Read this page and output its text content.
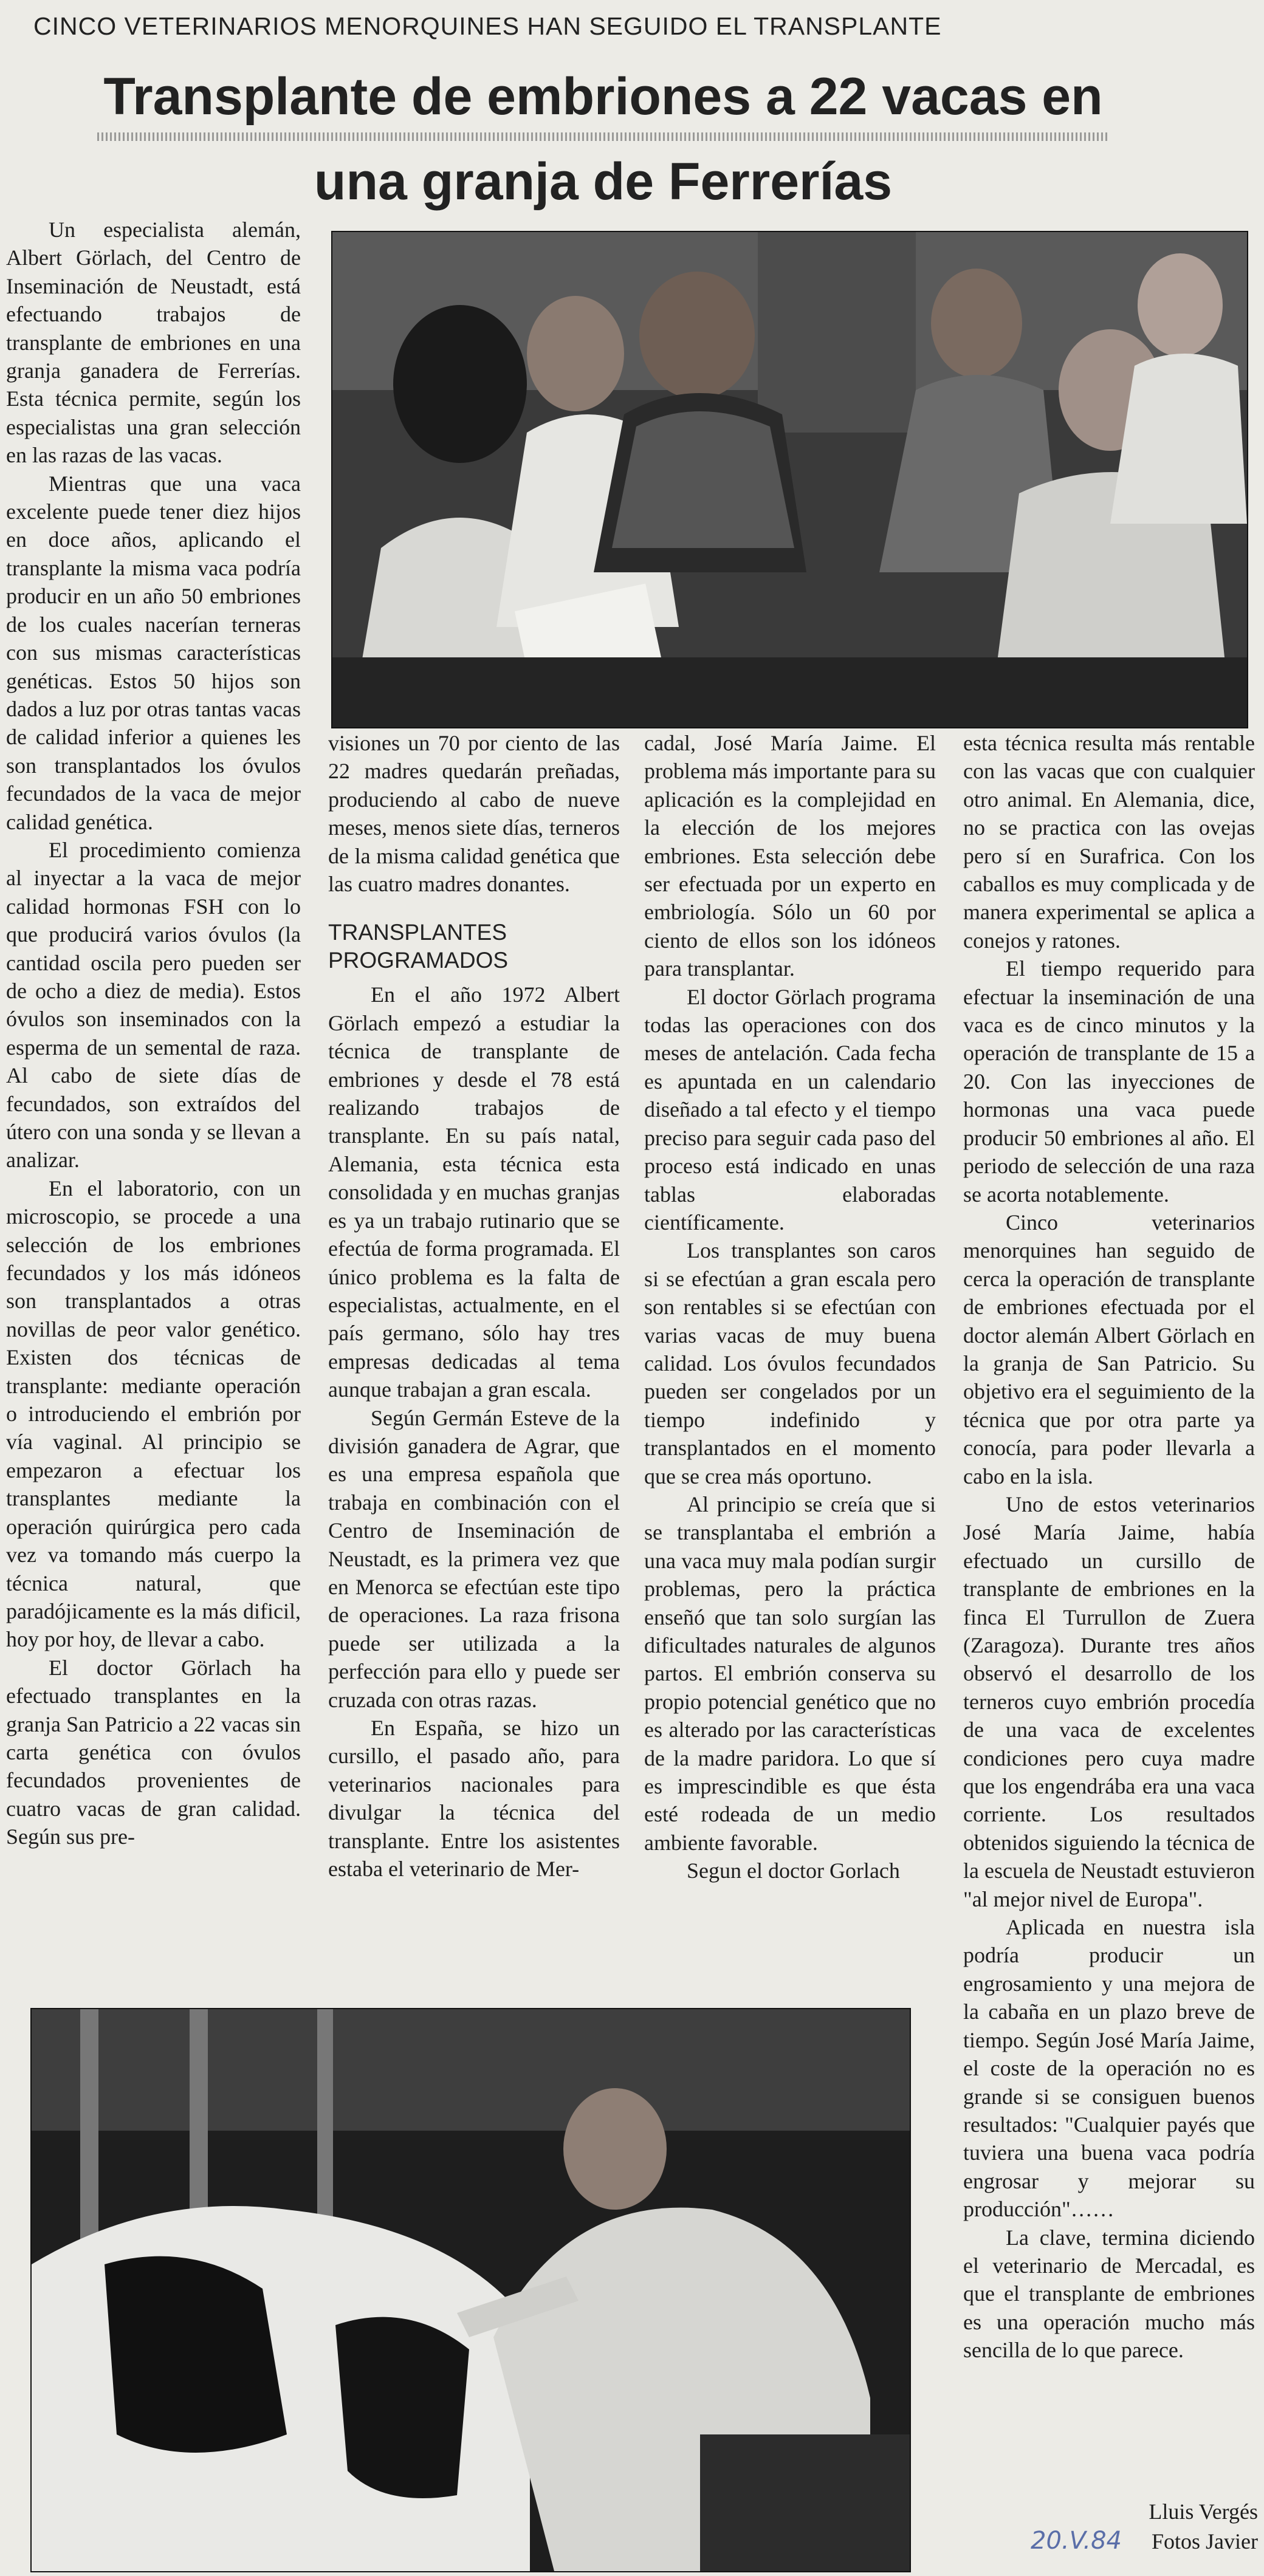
CINCO VETERINARIOS MENORQUINES HAN SEGUIDO EL TRANSPLANTE
Transplante de embriones a 22 vacas en
una granja de Ferrerías

Un especialista alemán, Albert Görlach, del Centro de Inseminación de Neustadt, está efectuando trabajos de transplante de embriones en una granja ganadera de Ferrerías. Esta técnica permite, según los especialistas una gran selección en las razas de las vacas.

Mientras que una vaca excelente puede tener diez hijos en doce años, aplicando el transplante la misma vaca podría producir en un año 50 embriones de los cuales nacerían terneras con sus mismas características genéticas. Estos 50 hijos son dados a luz por otras tantas vacas de calidad inferior a quienes les son transplantados los óvulos fecundados de la vaca de mejor calidad genética.

El procedimiento comienza al inyectar a la vaca de mejor calidad hormonas FSH con lo que producirá varios óvulos (la cantidad oscila pero pueden ser de ocho a diez de media). Estos óvulos son inseminados con la esperma de un semental de raza. Al cabo de siete días de fecundados, son extraídos del útero con una sonda y se llevan a analizar.

En el laboratorio, con un microscopio, se procede a una selección de los embriones fecundados y los más idóneos son transplantados a otras novillas de peor valor genético. Existen dos técnicas de transplante: mediante operación o introduciendo el embrión por vía vaginal. Al principio se empezaron a efectuar los transplantes mediante la operación quirúrgica pero cada vez va tomando más cuerpo la técnica natural, que paradójicamente es la más dificil, hoy por hoy, de llevar a cabo.

El doctor Görlach ha efectuado transplantes en la granja San Patricio a 22 vacas sin carta genética con óvulos fecundados provenientes de cuatro vacas de gran calidad. Según sus pre-

visiones un 70 por ciento de las 22 madres quedarán preñadas, produciendo al cabo de nueve meses, menos siete días, terneros de la misma calidad genética que las cuatro madres donantes.

TRANSPLANTES PROGRAMADOS

En el año 1972 Albert Görlach empezó a estudiar la técnica de transplante de embriones y desde el 78 está realizando trabajos de transplante. En su país natal, Alemania, esta técnica esta consolidada y en muchas granjas es ya un trabajo rutinario que se efectúa de forma programada. El único problema es la falta de especialistas, actualmente, en el país germano, sólo hay tres empresas dedicadas al tema aunque trabajan a gran escala.

Según Germán Esteve de la división ganadera de Agrar, que es una empresa española que trabaja en combinación con el Centro de Inseminación de Neustadt, es la primera vez que en Menorca se efectúan este tipo de operaciones. La raza frisona puede ser utilizada a la perfección para ello y puede ser cruzada con otras razas.

En España, se hizo un cursillo, el pasado año, para veterinarios nacionales para divulgar la técnica del transplante. Entre los asistentes estaba el veterinario de Mer-

cadal, José María Jaime. El problema más importante para su aplicación es la complejidad en la elección de los mejores embriones. Esta selección debe ser efectuada por un experto en embriología. Sólo un 60 por ciento de ellos son los idóneos para transplantar.

El doctor Görlach programa todas las operaciones con dos meses de antelación. Cada fecha es apuntada en un calendario diseñado a tal efecto y el tiempo preciso para seguir cada paso del proceso está indicado en unas tablas elaboradas científicamente.

Los transplantes son caros si se efectúan a gran escala pero son rentables si se efectúan con varias vacas de muy buena calidad. Los óvulos fecundados pueden ser congelados por un tiempo indefinido y transplantados en el momento que se crea más oportuno.

Al principio se creía que si se transplantaba el embrión a una vaca muy mala podían surgir problemas, pero la práctica enseñó que tan solo surgían las dificultades naturales de algunos partos. El embrión conserva su propio potencial genético que no es alterado por las características de la madre paridora. Lo que sí es imprescindible es que ésta esté rodeada de un medio ambiente favorable.

Segun el doctor Gorlach

esta técnica resulta más rentable con las vacas que con cualquier otro animal. En Alemania, dice, no se practica con las ovejas pero sí en Surafrica. Con los caballos es muy complicada y de manera experimental se aplica a conejos y ratones.

El tiempo requerido para efectuar la inseminación de una vaca es de cinco minutos y la operación de transplante de 15 a 20. Con las inyecciones de hormonas una vaca puede producir 50 embriones al año. El periodo de selección de una raza se acorta notablemente.

Cinco veterinarios menorquines han seguido de cerca la operación de transplante de embriones efectuada por el doctor alemán Albert Görlach en la granja de San Patricio. Su objetivo era el seguimiento de la técnica que por otra parte ya conocía, para poder llevarla a cabo en la isla.

Uno de estos veterinarios José María Jaime, había efectuado un cursillo de transplante de embriones en la finca El Turrullon de Zuera (Zaragoza). Durante tres años observó el desarrollo de los terneros cuyo embrión procedía de una vaca de excelentes condiciones pero cuya madre que los engendrába era una vaca corriente. Los resultados obtenidos siguiendo la técnica de la escuela de Neustadt estuvieron "al mejor nivel de Europa".

Aplicada en nuestra isla podría producir un engrosamiento y una mejora de la cabaña en un plazo breve de tiempo. Según José María Jaime, el coste de la operación no es grande si se consiguen buenos resultados: "Cualquier payés que tuviera una buena vaca podría engrosar y mejorar su producción"……

La clave, termina diciendo el veterinario de Mercadal, es que el transplante de embriones es una operación mucho más sencilla de lo que parece.

Lluis Vergés
20.V.84 Fotos Javier
